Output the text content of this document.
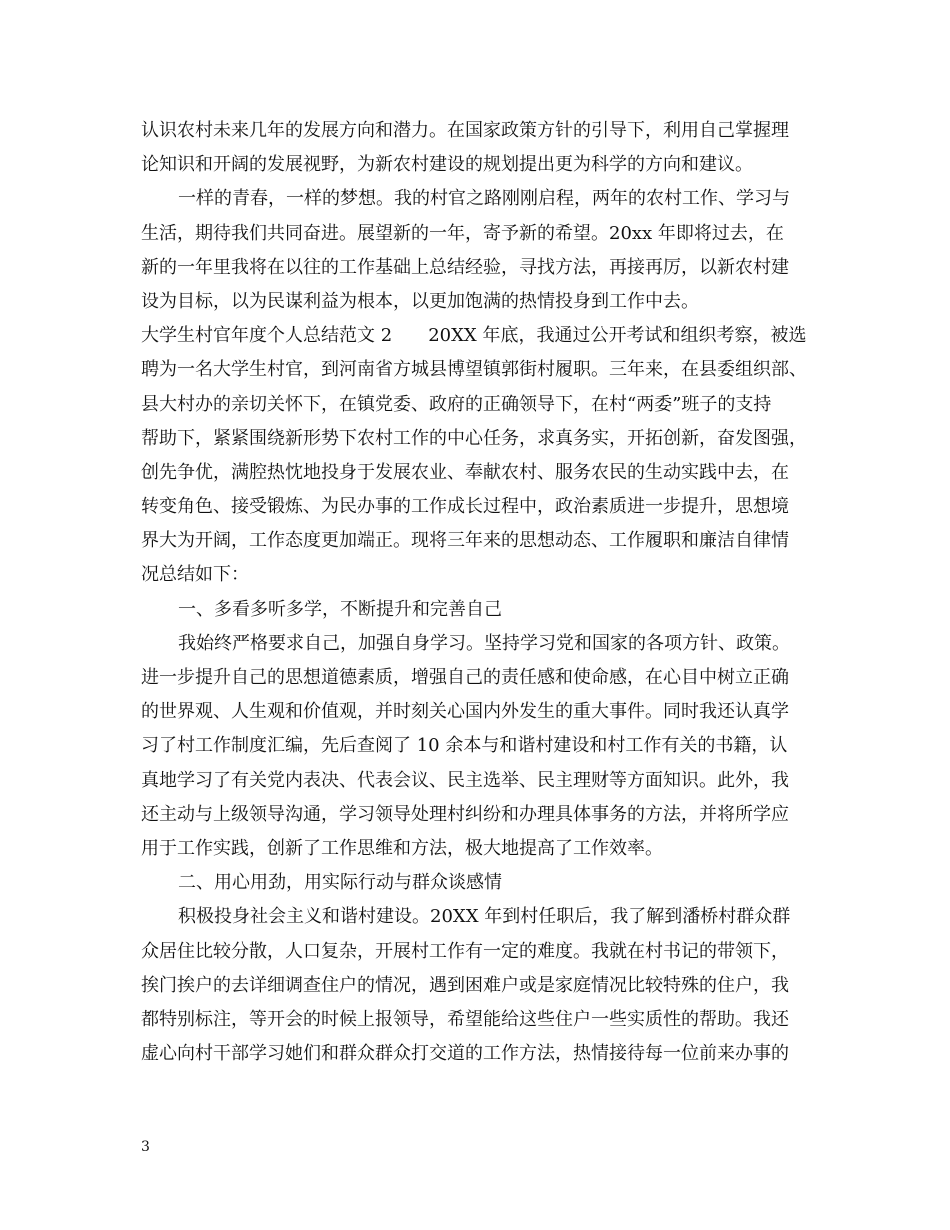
认识农村未来几年的发展方向和潜力。在国家政策方针的引导下，利用自己掌握理
论知识和开阔的发展视野，为新农村建设的规划提出更为科学的方向和建议。
一样的青春，一样的梦想。我的村官之路刚刚启程，两年的农村工作、学习与
生活，期待我们共同奋进。展望新的一年，寄予新的希望。20xx 年即将过去，在
新的一年里我将在以往的工作基础上总结经验，寻找方法，再接再厉，以新农村建
设为目标，以为民谋利益为根本，以更加饱满的热情投身到工作中去。
大学生村官年度个人总结范文 2 20XX 年底，我通过公开考试和组织考察，被选
聘为一名大学生村官，到河南省方城县博望镇郭街村履职。三年来，在县委组织部、
县大村办的亲切关怀下，在镇党委、政府的正确领导下，在村“两委”班子的支持
帮助下，紧紧围绕新形势下农村工作的中心任务，求真务实，开拓创新，奋发图强，
创先争优，满腔热忱地投身于发展农业、奉献农村、服务农民的生动实践中去，在
转变角色、接受锻炼、为民办事的工作成长过程中，政治素质进一步提升，思想境
界大为开阔，工作态度更加端正。现将三年来的思想动态、工作履职和廉洁自律情
况总结如下：
一、多看多听多学，不断提升和完善自己
我始终严格要求自己，加强自身学习。坚持学习党和国家的各项方针、政策。
进一步提升自己的思想道德素质，增强自己的责任感和使命感，在心目中树立正确
的世界观、人生观和价值观，并时刻关心国内外发生的重大事件。同时我还认真学
习了村工作制度汇编，先后查阅了 10 余本与和谐村建设和村工作有关的书籍，认
真地学习了有关党内表决、代表会议、民主选举、民主理财等方面知识。此外，我
还主动与上级领导沟通，学习领导处理村纠纷和办理具体事务的方法，并将所学应
用于工作实践，创新了工作思维和方法，极大地提高了工作效率。
二、用心用劲，用实际行动与群众谈感情
积极投身社会主义和谐村建设。20XX 年到村任职后，我了解到潘桥村群众群
众居住比较分散，人口复杂，开展村工作有一定的难度。我就在村书记的带领下，
挨门挨户的去详细调查住户的情况，遇到困难户或是家庭情况比较特殊的住户，我
都特别标注，等开会的时候上报领导，希望能给这些住户一些实质性的帮助。我还
虚心向村干部学习她们和群众群众打交道的工作方法，热情接待每一位前来办事的
3
